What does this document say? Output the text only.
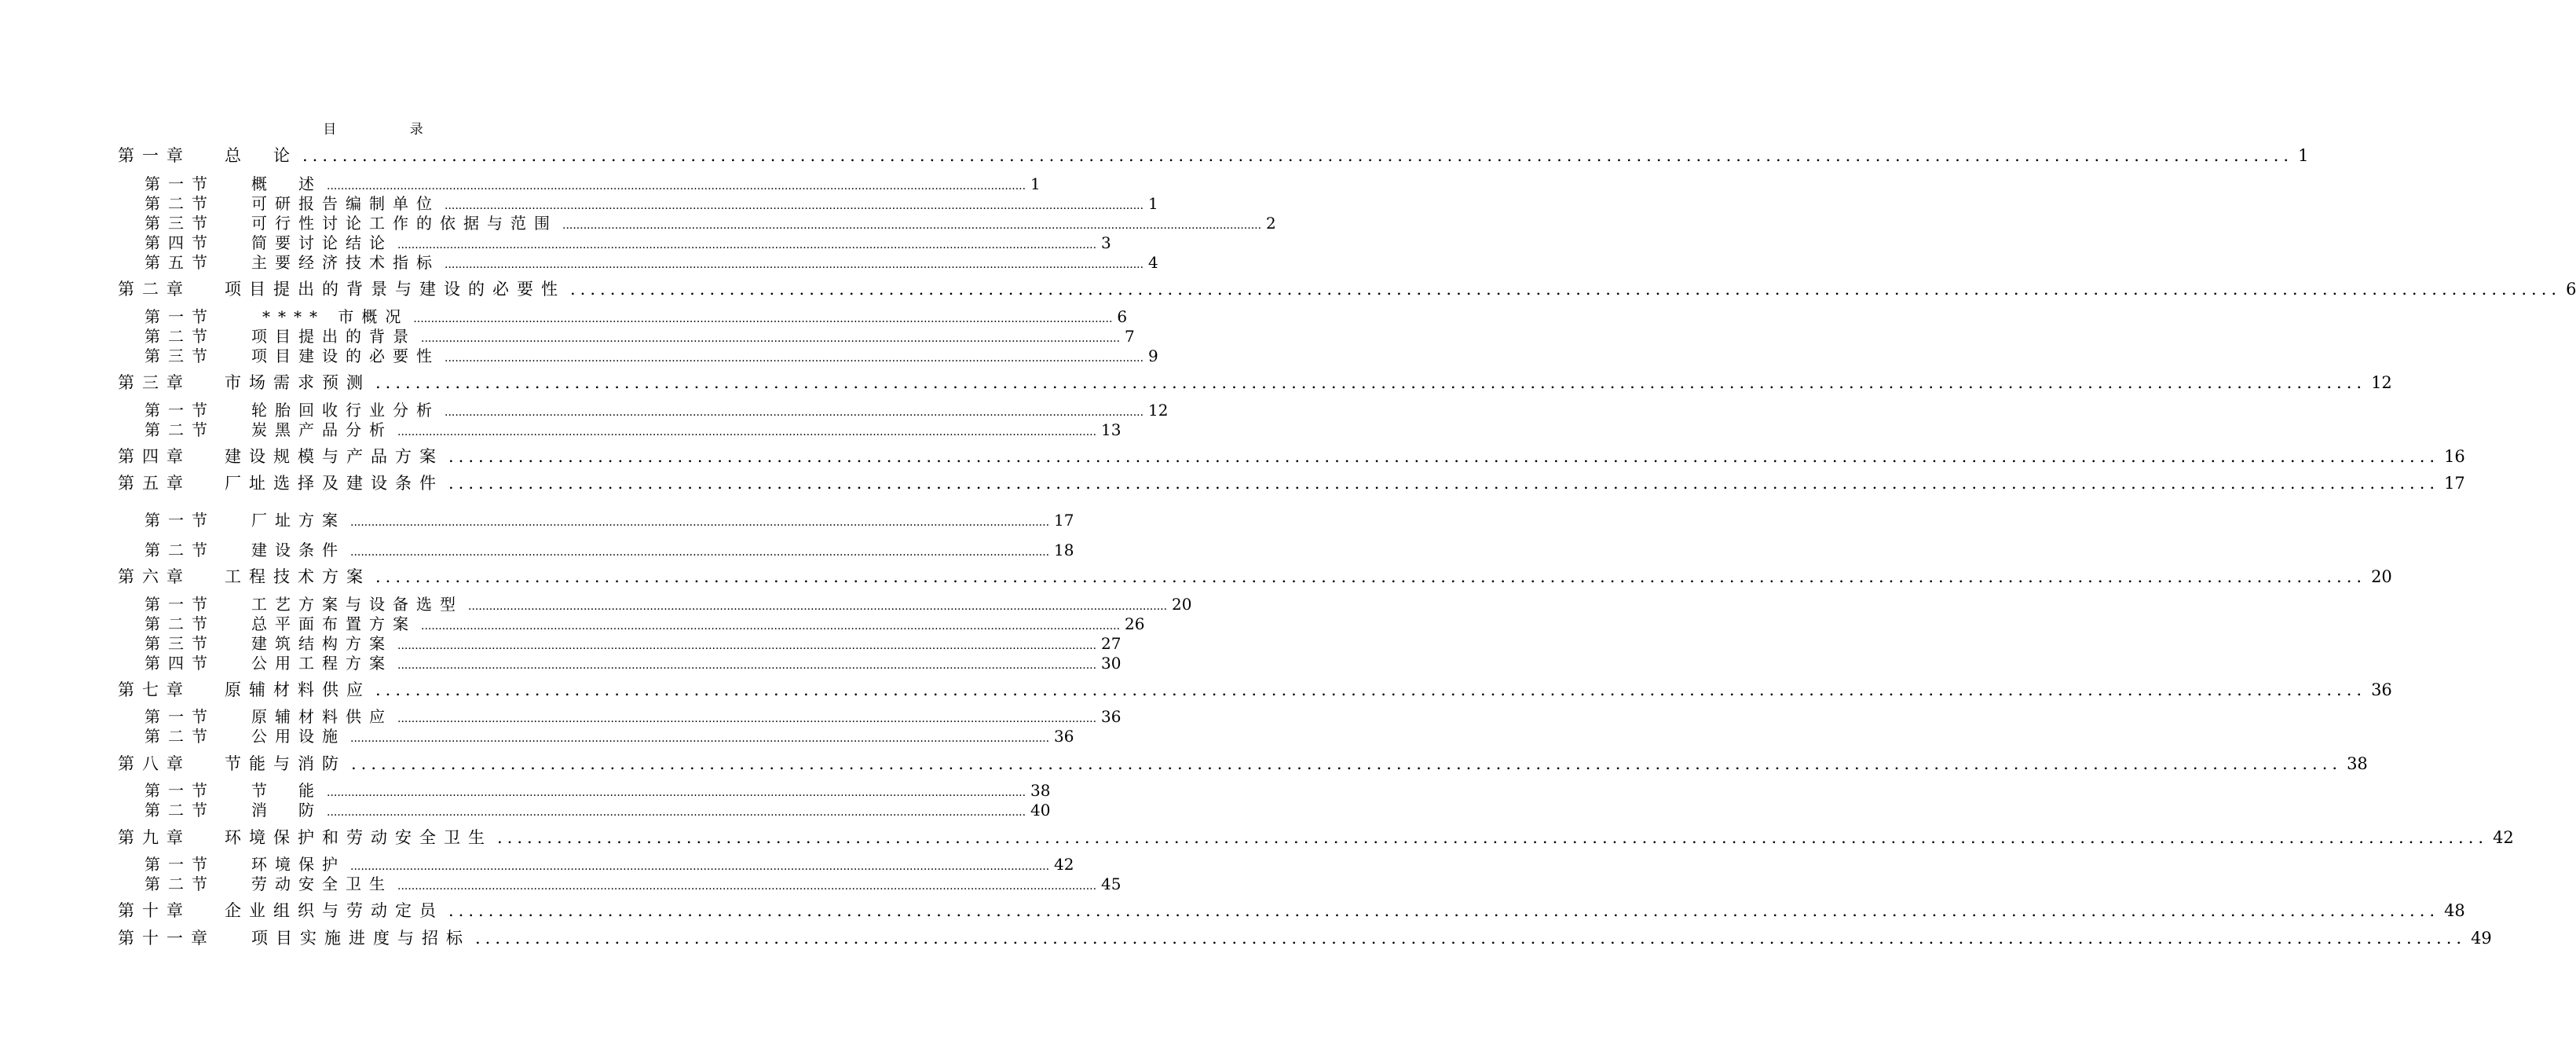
目 录
第一章	总　论 ........................................................................................................................................................................................................ 1
第一节	概　述 ........................................................................................................................................................................................................ 1
第二节	可研报告编制单位 ........................................................................................................................................................................................................ 1
第三节	可行性讨论工作的依据与范围 ........................................................................................................................................................................................................ 2
第四节	简要讨论结论 ........................................................................................................................................................................................................ 3
第五节	主要经济技术指标 ........................................................................................................................................................................................................ 4
第二章	项目提出的背景与建设的必要性 ........................................................................................................................................................................................................ 6
第一节	**** 市概况 ........................................................................................................................................................................................................ 6
第二节	项目提出的背景 ........................................................................................................................................................................................................ 7
第三节	项目建设的必要性 ........................................................................................................................................................................................................ 9
第三章	市场需求预测 ........................................................................................................................................................................................................ 12
第一节	轮胎回收行业分析 ........................................................................................................................................................................................................ 12
第二节	炭黑产品分析 ........................................................................................................................................................................................................ 13
第四章	建设规模与产品方案 ........................................................................................................................................................................................................ 16
第五章	厂址选择及建设条件 ........................................................................................................................................................................................................ 17
第一节	厂址方案 ........................................................................................................................................................................................................ 17
第二节	建设条件 ........................................................................................................................................................................................................ 18
第六章	工程技术方案 ........................................................................................................................................................................................................ 20
第一节	工艺方案与设备选型 ........................................................................................................................................................................................................ 20
第二节	总平面布置方案 ........................................................................................................................................................................................................ 26
第三节	建筑结构方案 ........................................................................................................................................................................................................ 27
第四节	公用工程方案 ........................................................................................................................................................................................................ 30
第七章	原辅材料供应 ........................................................................................................................................................................................................ 36
第一节	原辅材料供应 ........................................................................................................................................................................................................ 36
第二节	公用设施 ........................................................................................................................................................................................................ 36
第八章	节能与消防 ........................................................................................................................................................................................................ 38
第一节	节　能 ........................................................................................................................................................................................................ 38
第二节	消　防 ........................................................................................................................................................................................................ 40
第九章	环境保护和劳动安全卫生 ........................................................................................................................................................................................................ 42
第一节	环境保护 ........................................................................................................................................................................................................ 42
第二节	劳动安全卫生 ........................................................................................................................................................................................................ 45
第十章	企业组织与劳动定员 ........................................................................................................................................................................................................ 48
第十一章	项目实施进度与招标 ........................................................................................................................................................................................................ 49
